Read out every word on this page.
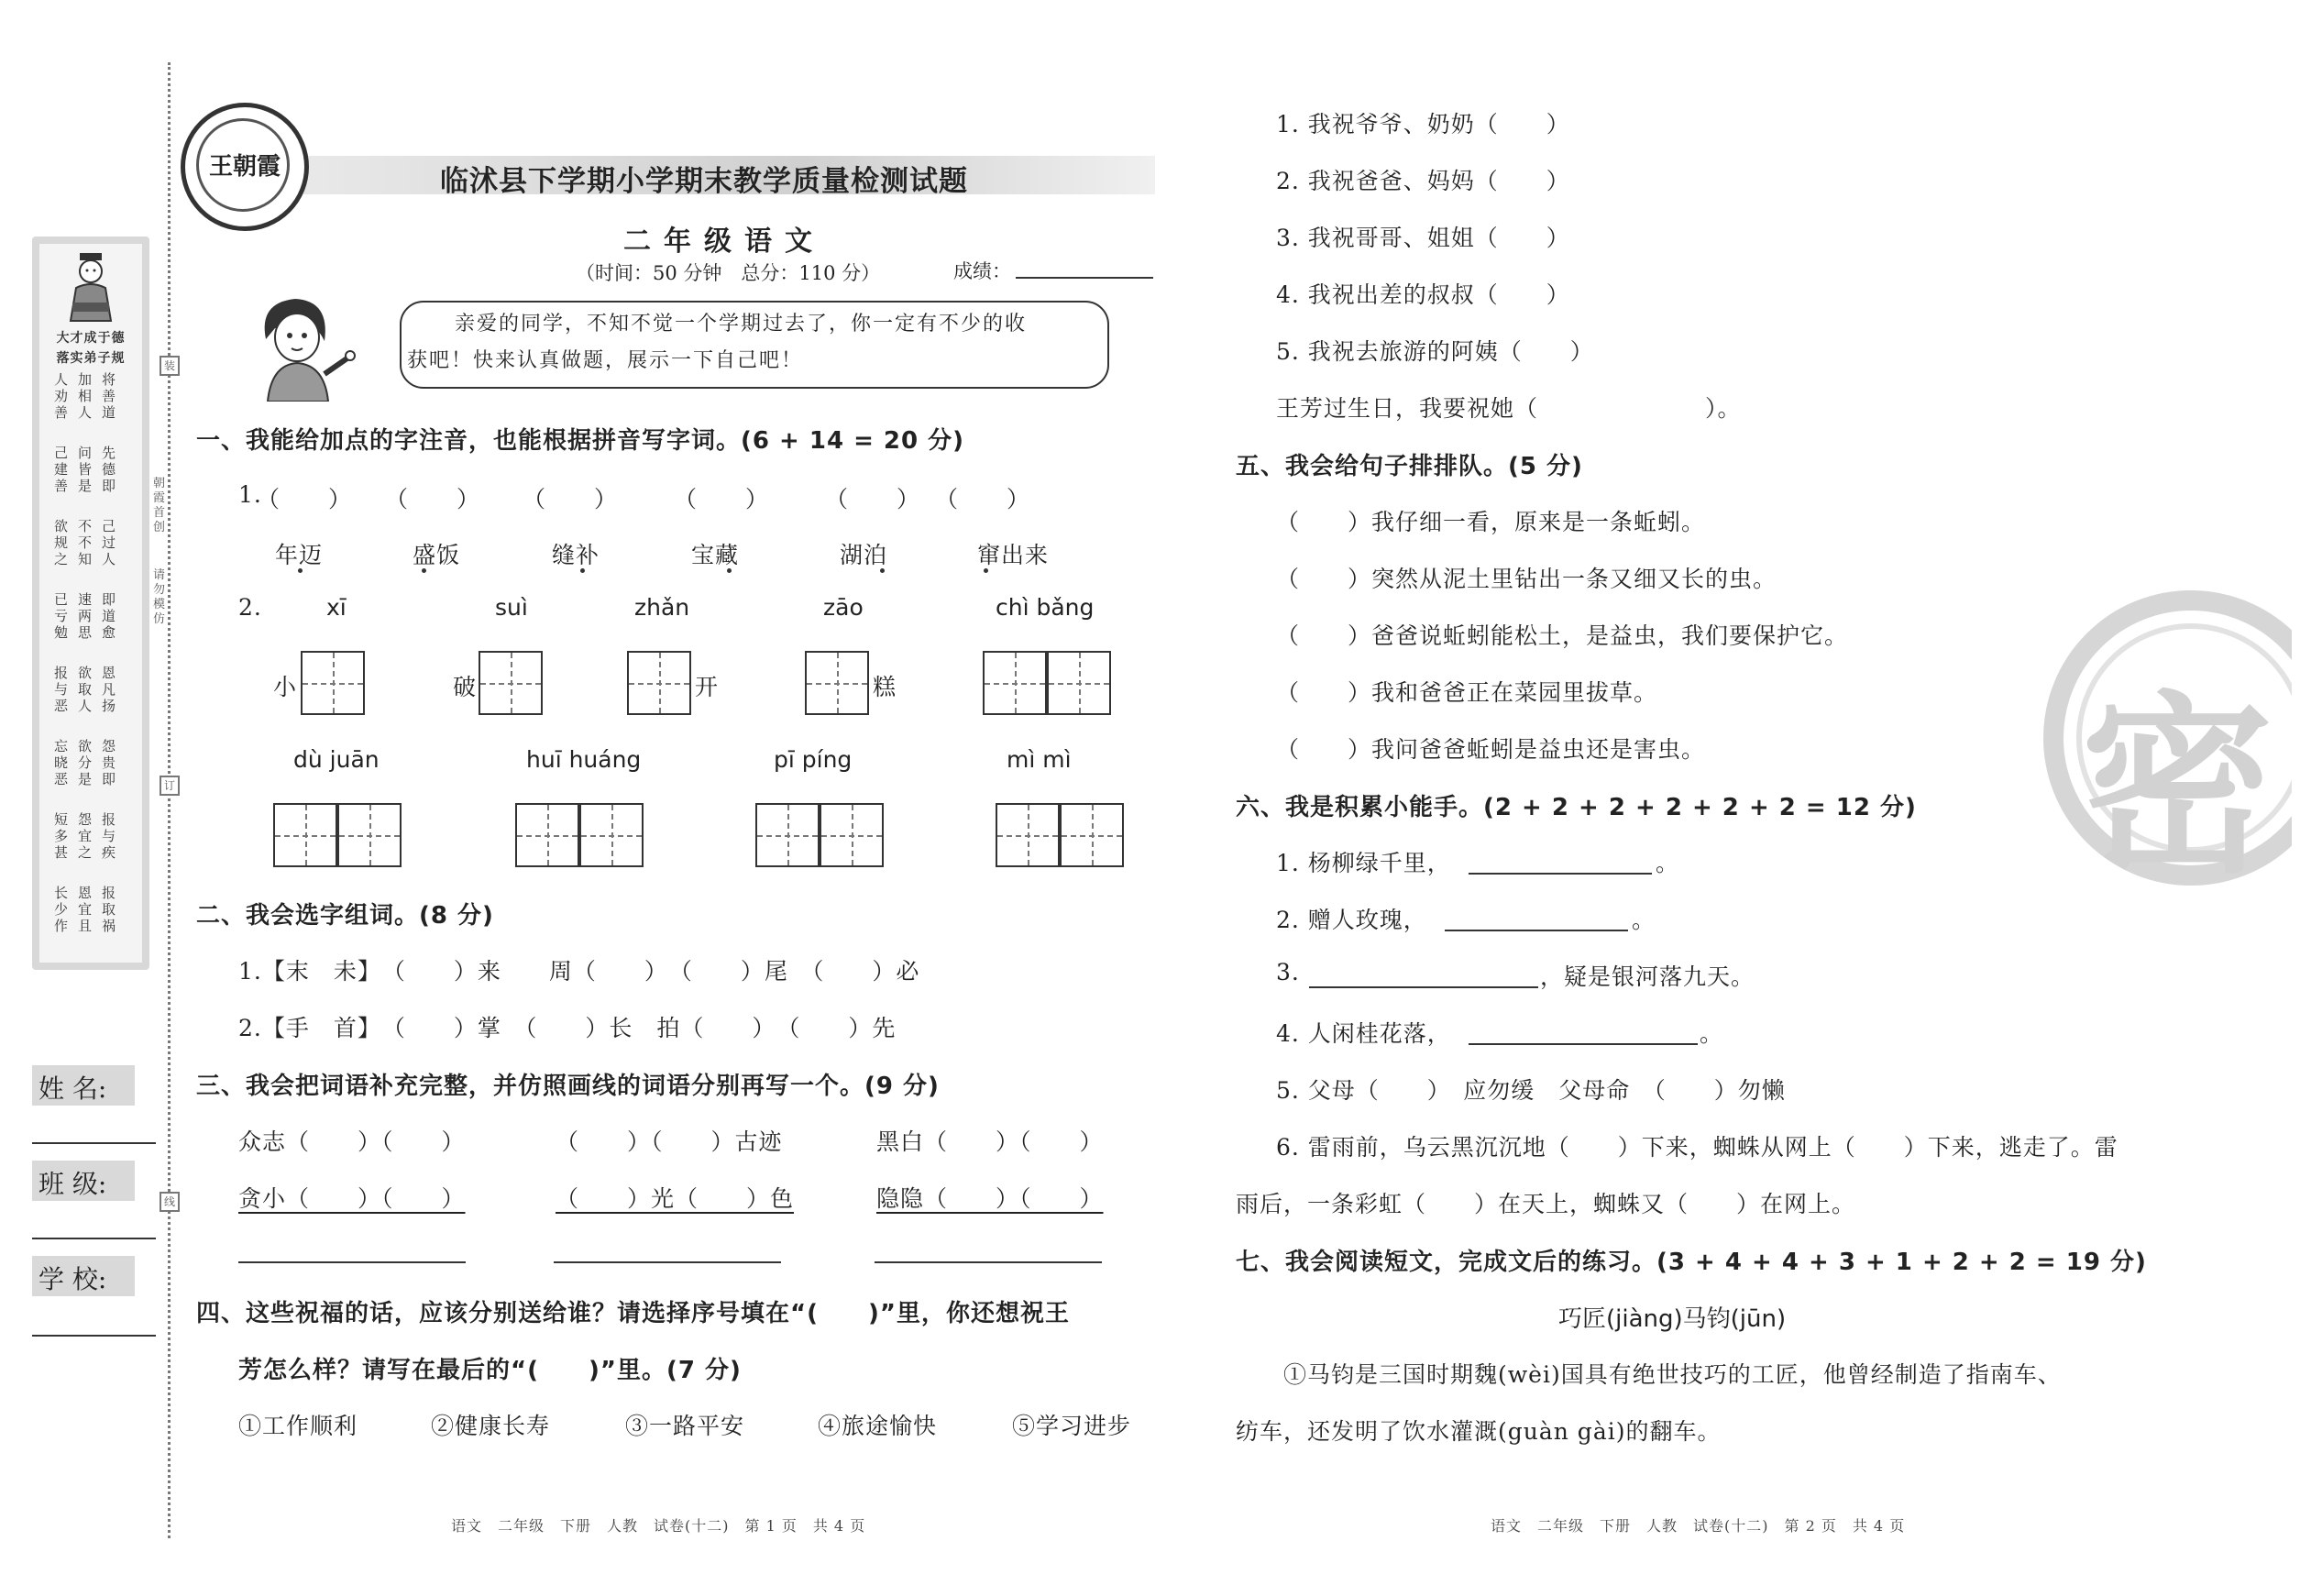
装
朝霞首创
请勿模仿
订
线
大才成于德
落实弟子规
将善道
加相人
人劝善
先德即
问皆是
己建善
己过人
不不知
欲规之
即道愈
速两思
已亏勉
恩凡扬
欲取人
报与恶
怨贵即
欲分是
忘晓恶
报与疾
怨宜之
短多甚
报取祸
恩宜且
长少作
姓 名:
班 级:
学 校:
王朝霞	临沭县下学期小学期末教学质量检测试题
二年级语文
（时间：50 分钟　总分：110 分）	成绩：
亲爱的同学，不知不觉一个学期过去了，你一定有不少的收
获吧！快来认真做题，展示一下自己吧！
一、我能给加点的字注音，也能根据拼音写字词。(6 + 14 = 20 分)
1.
（　　） （　　） （　　） （　　） （　　） （　　）
年迈	盛饭	缝补	宝藏	湖泊	窜出来
2.	xī	suì	zhǎn	zāo	chì bǎng
小	破	开	糕
dù juān	huī huáng	pī píng	mì mì
二、我会选字组词。(8 分)
1.【末　未】　（　　）来　　周（　　）　（　　）尾　（　　）必
2.【手　首】　（　　）掌　（　　）长　拍（　　）　（　　）先
三、我会把词语补充完整，并仿照画线的词语分别再写一个。(9 分)
众志（　　）（　　）	（　　）（　　）古迹	黑白（　　）（　　）
贪小（　　）（　　）	（　　）光（　　）色	隐隐（　　）（　　）
四、这些祝福的话，应该分别送给谁？请选择序号填在“(　　)”里，你还想祝王
芳怎么样？请写在最后的“(　　)”里。(7 分)
①工作顺利	②健康长寿	③一路平安	④旅途愉快	⑤学习进步
语文　二年级　下册　人教　试卷(十二)　第 1 页　共 4 页
1. 我祝爷爷、奶奶（　　）
2. 我祝爸爸、妈妈（　　）
3. 我祝哥哥、姐姐（　　）
4. 我祝出差的叔叔（　　）
5. 我祝去旅游的阿姨（　　）
王芳过生日，我要祝她（　　　　　　　）。
五、我会给句子排排队。(5 分)
（　　）我仔细一看，原来是一条蚯蚓。
（　　）突然从泥土里钻出一条又细又长的虫。
（　　）爸爸说蚯蚓能松土，是益虫，我们要保护它。
（　　）我和爸爸正在菜园里拔草。
（　　）我问爸爸蚯蚓是益虫还是害虫。
六、我是积累小能手。(2 + 2 + 2 + 2 + 2 + 2 = 12 分)
1. 杨柳绿千里，	。
2. 赠人玫瑰，	。
3.	，疑是银河落九天。
4. 人闲桂花落，	。
5. 父母（　　）　应勿缓　父母命　（　　）勿懒
6. 雷雨前，乌云黑沉沉地（　　）下来，蜘蛛从网上（　　）下来，逃走了。雷
雨后，一条彩虹（　　）在天上，蜘蛛又（　　）在网上。
七、我会阅读短文，完成文后的练习。(3 + 4 + 4 + 3 + 1 + 2 + 2 = 19 分)
巧匠(jiàng)马钧(jūn)
①马钧是三国时期魏(wèi)国具有绝世技巧的工匠，他曾经制造了指南车、
纺车，还发明了饮水灌溉(guàn gài)的翻车。
语文　二年级　下册　人教　试卷(十二)　第 2 页　共 4 页
密
